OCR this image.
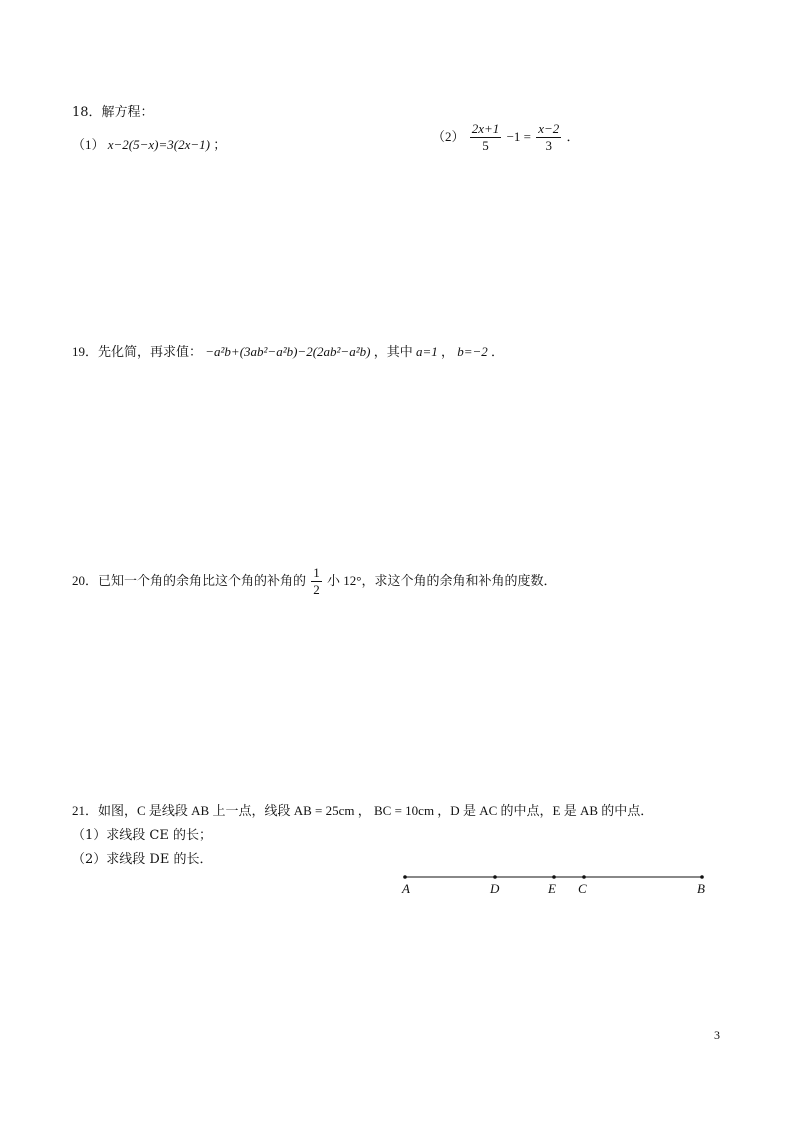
18．解方程：
（1） x−2(5−x)=3(2x−1) ；
$(2) \frac{2x+1}{5} -1 = \frac{x-2}{3}$ ．
19．先化简，再求值： −a²b+(3ab²−a²b)−2(2ab²−a²b) ，其中 a=1 ， b=−2 ．
20．已知一个角的余角比这个角的补角的 $\frac{1}{2}$ 小 12°，求这个角的余角和补角的度数．
21．如图，C 是线段 AB 上一点，线段 AB = 25cm ， BC = 10cm ，D 是 AC 的中点，E 是 AB 的中点．
（1）求线段 CE 的长；
（2）求线段 DE 的长．
A	D	E C	B
3
